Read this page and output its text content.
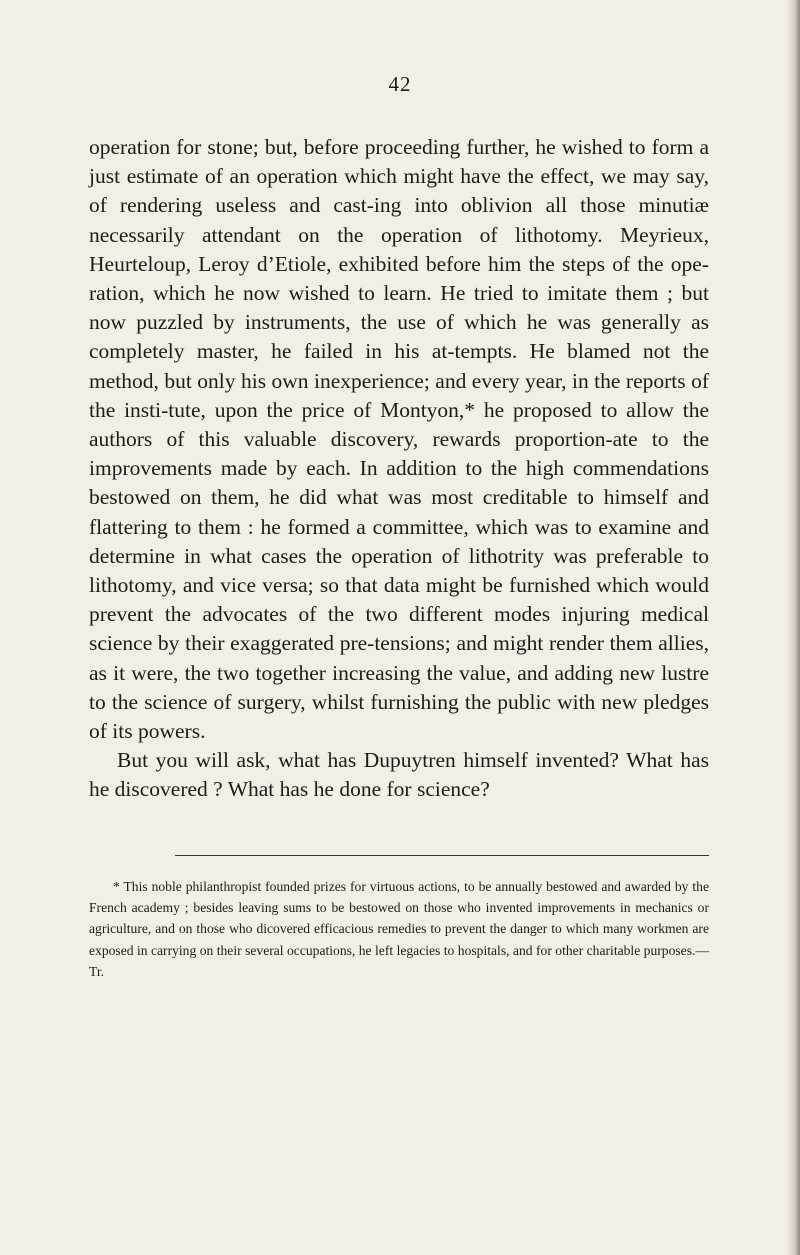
42

operation for stone; but, before proceeding further, he wished to form a just estimate of an operation which might have the effect, we may say, of rendering useless and cast-ing into oblivion all those minutiæ necessarily attendant on the operation of lithotomy. Meyrieux, Heurteloup, Leroy d’Etiole, exhibited before him the steps of the ope-ration, which he now wished to learn. He tried to imitate them ; but now puzzled by instruments, the use of which he was generally as completely master, he failed in his at-tempts. He blamed not the method, but only his own inexperience; and every year, in the reports of the insti-tute, upon the price of Montyon,* he proposed to allow the authors of this valuable discovery, rewards proportion-ate to the improvements made by each. In addition to the high commendations bestowed on them, he did what was most creditable to himself and flattering to them : he formed a committee, which was to examine and determine in what cases the operation of lithotrity was preferable to lithotomy, and vice versa; so that data might be furnished which would prevent the advocates of the two different modes injuring medical science by their exaggerated pre-tensions; and might render them allies, as it were, the two together increasing the value, and adding new lustre to the science of surgery, whilst furnishing the public with new pledges of its powers.

But you will ask, what has Dupuytren himself invented? What has he discovered ? What has he done for science?

* This noble philanthropist founded prizes for virtuous actions, to be annually bestowed and awarded by the French academy ; besides leaving sums to be bestowed on those who invented improvements in mechanics or agriculture, and on those who dicovered efficacious remedies to prevent the danger to which many workmen are exposed in carrying on their several occupations, he left legacies to hospitals, and for other charitable purposes.—Tr.
